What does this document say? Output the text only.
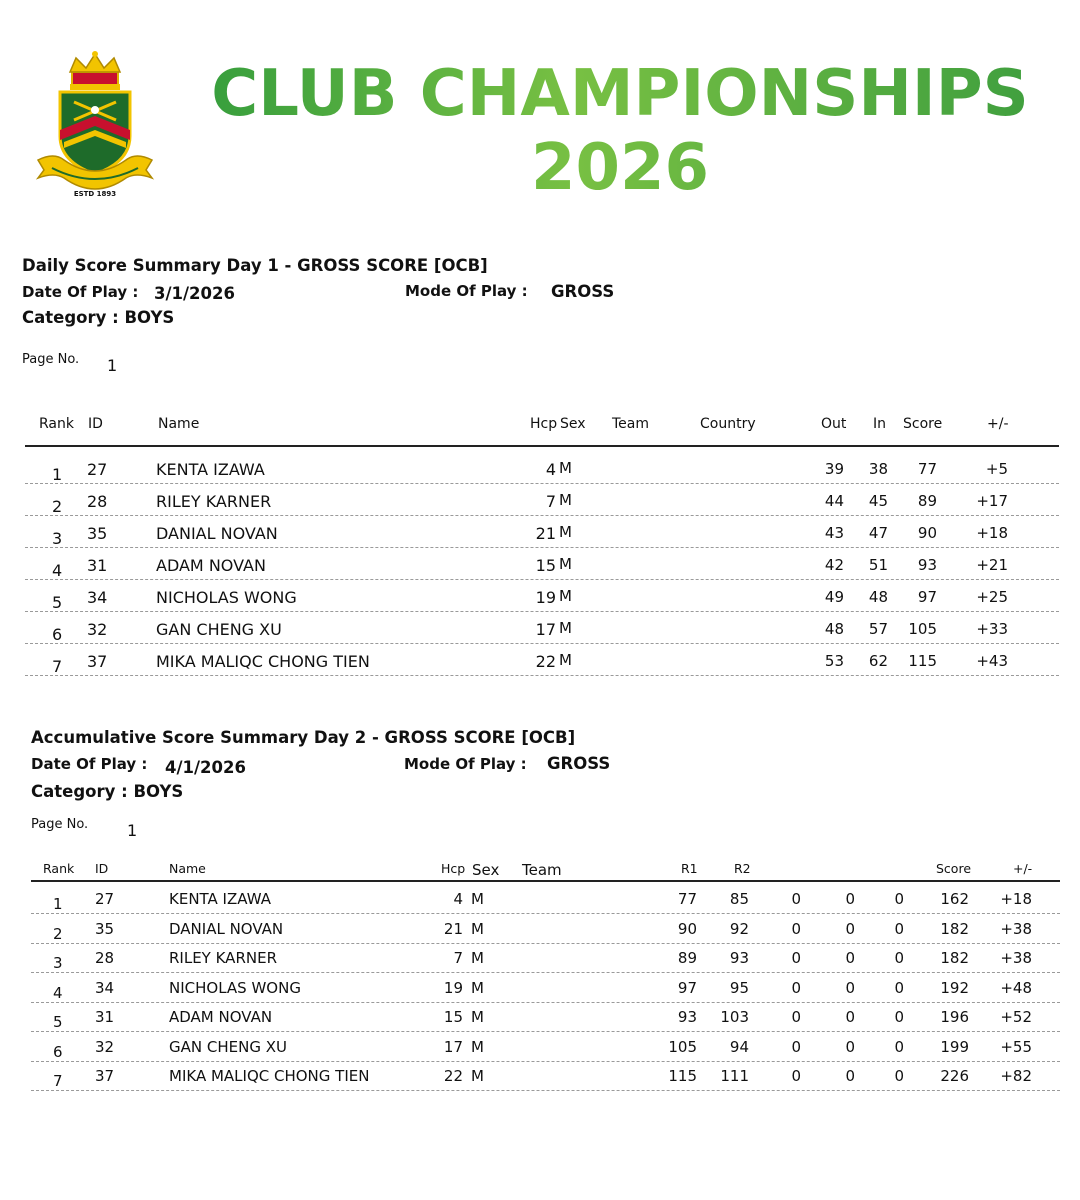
ESTD 1893
CLUB CHAMPIONSHIPS
2026
Daily Score Summary Day 1 - GROSS SCORE [OCB]
Date Of Play : 3/1/2026	Mode Of Play : GROSS
Category : BOYS
Page No. 1
Rank ID	Name	Hcp Sex Team	Country	Out In Score	+/-
1 27	KENTA IZAWA	4 M	39	38	77	+5
2 28	RILEY KARNER	7 M	44	45	89	+17
3 35	DANIAL NOVAN	21 M	43	47	90	+18
4 31	ADAM NOVAN	15 M	42	51	93	+21
5 34	NICHOLAS WONG	19 M	49	48	97	+25
6 32	GAN CHENG XU	17 M	48	57	105	+33
7 37	MIKA MALIQC CHONG TIEN	22 M	53	62	115	+43
Accumulative Score Summary Day 2 - GROSS SCORE [OCB]
Date Of Play : 4/1/2026	Mode Of Play : GROSS
Category : BOYS
Page No. 1
Rank ID	Name	Hcp Sex Team	R1	R2	Score	+/-
1 27	KENTA IZAWA	4 M	77	85	0	0	0	162	+18
2 35	DANIAL NOVAN	21 M	90	92	0	0	0	182	+38
3 28	RILEY KARNER	7 M	89	93	0	0	0	182	+38
4 34	NICHOLAS WONG	19 M	97	95	0	0	0	192	+48
5 31	ADAM NOVAN	15 M	93	103	0	0	0	196	+52
6 32	GAN CHENG XU	17 M	105	94	0	0	0	199	+55
7 37	MIKA MALIQC CHONG TIEN	22 M	115	111	0	0	0	226	+82
